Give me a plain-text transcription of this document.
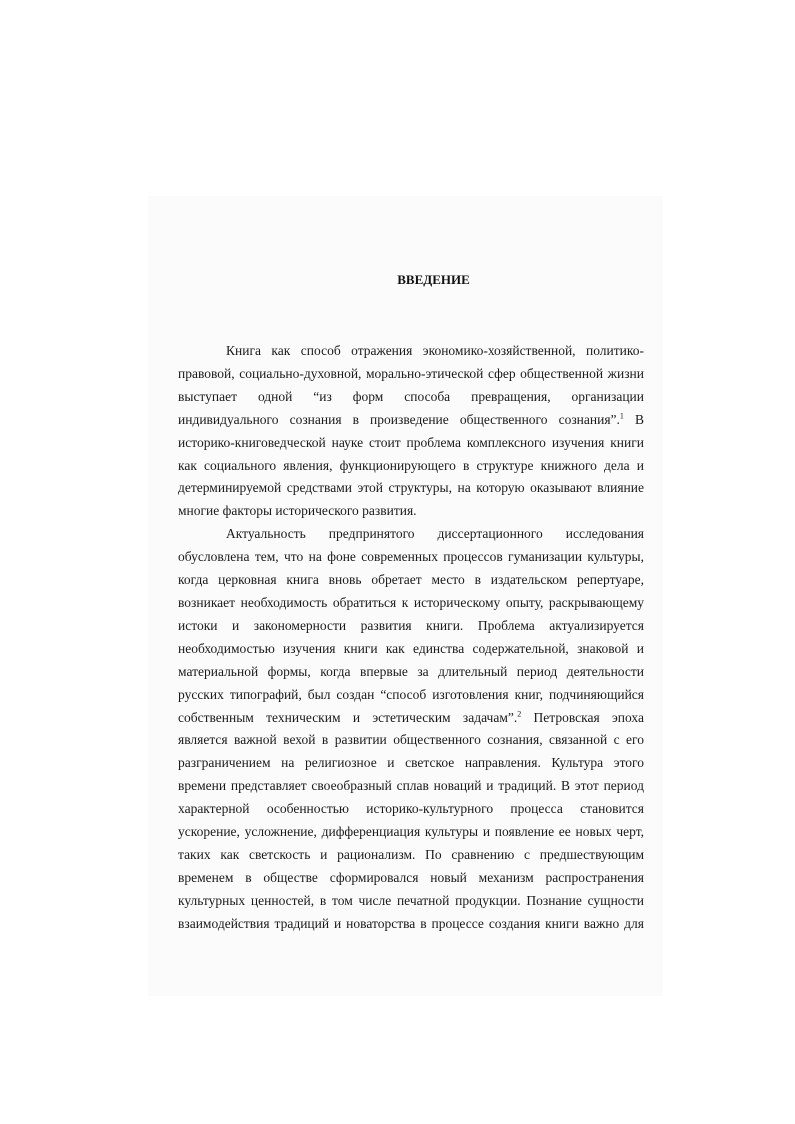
ВВЕДЕНИЕ
Книга как способ отражения экономико-хозяйственной, политико-
правовой, социально-духовной, морально-этической сфер общественной жизни
выступает одной “из форм способа превращения, организации
индивидуального сознания в произведение общественного сознания”.$^1$ В
историко-книговедческой науке стоит проблема комплексного изучения книги
как социального явления, функционирующего в структуре книжного дела и
детерминируемой средствами этой структуры, на которую оказывают влияние
многие факторы исторического развития.
Актуальность предпринятого диссертационного исследования
обусловлена тем, что на фоне современных процессов гуманизации культуры,
когда церковная книга вновь обретает место в издательском репертуаре,
возникает необходимость обратиться к историческому опыту, раскрывающему
истоки и закономерности развития книги. Проблема актуализируется
необходимостью изучения книги как единства содержательной, знаковой и
материальной формы, когда впервые за длительный период деятельности
русских типографий, был создан “способ изготовления книг, подчиняющийся
собственным техническим и эстетическим задачам”.$^2$ Петровская эпоха
является важной вехой в развитии общественного сознания, связанной с его
разграничением на религиозное и светское направления. Культура этого
времени представляет своеобразный сплав новаций и традиций. В этот период
характерной особенностью историко-культурного процесса становится
ускорение, усложнение, дифференциация культуры и появление ее новых черт,
таких как светскость и рационализм. По сравнению с предшествующим
временем в обществе сформировался новый механизм распространения
культурных ценностей, в том числе печатной продукции. Познание сущности
взаимодействия традиций и новаторства в процессе создания книги важно для
